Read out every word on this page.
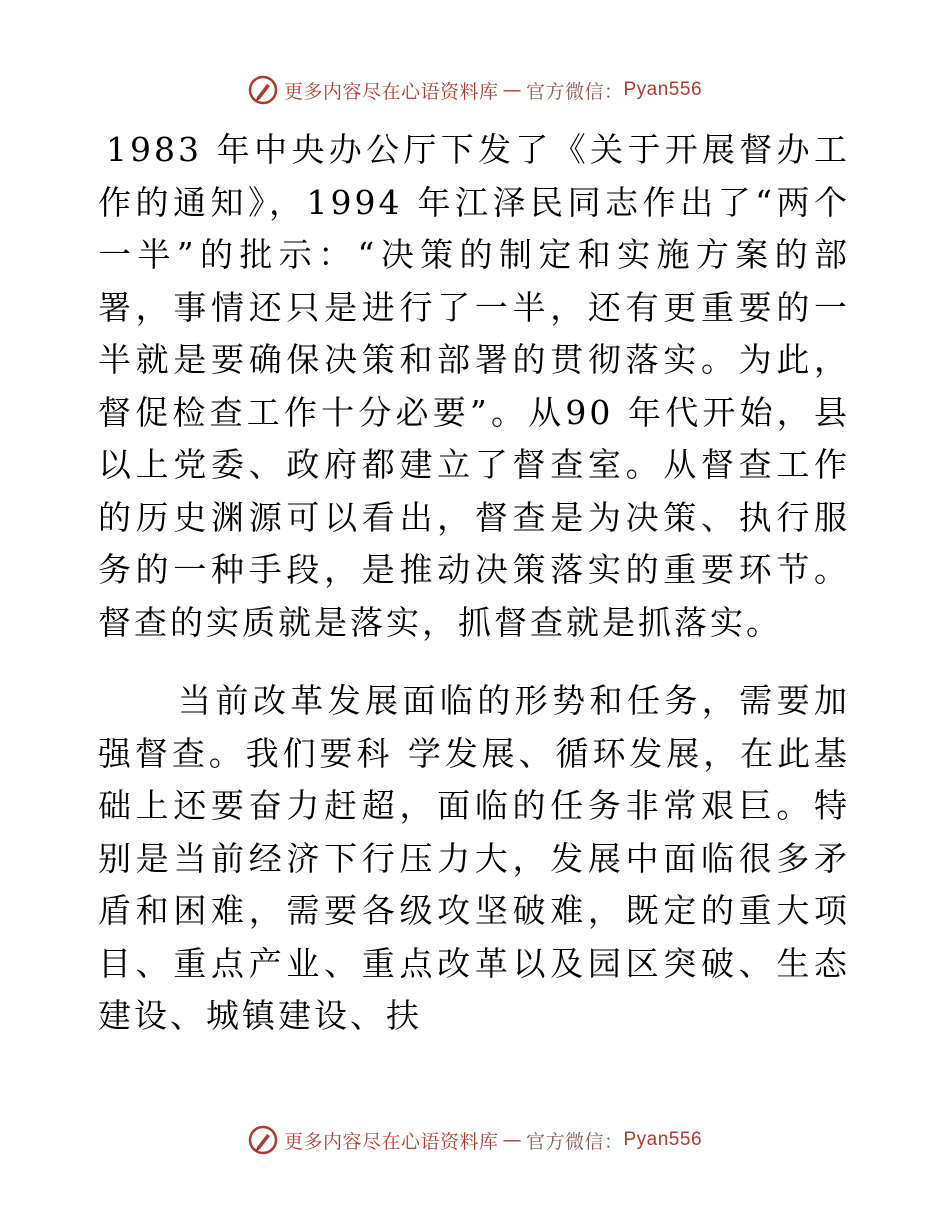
更多内容尽在心语资料库 — 官方微信： Pyan556

1983 年中央办公厅下发了《关于开展督办工作的通知》，1994 年江泽民同志作出了“两个一半”的批示：“决策的制定和实施方案的部署，事情还只是进行了一半，还有更重要的一半就是要确保决策和部署的贯彻落实。为此，督促检查工作十分必要”。从90 年代开始，县以上党委、政府都建立了督查室。从督查工作的历史渊源可以看出，督查是为决策、执行服务的一种手段，是推动决策落实的重要环节。督查的实质就是落实，抓督查就是抓落实。

当前改革发展面临的形势和任务，需要加强督查。我们要科 学发展、循环发展，在此基础上还要奋力赶超，面临的任务非常艰巨。特别是当前经济下行压力大，发展中面临很多矛盾和困难，需要各级攻坚破难，既定的重大项目、重点产业、重点改革以及园区突破、生态建设、城镇建设、扶

更多内容尽在心语资料库 — 官方微信： Pyan556
